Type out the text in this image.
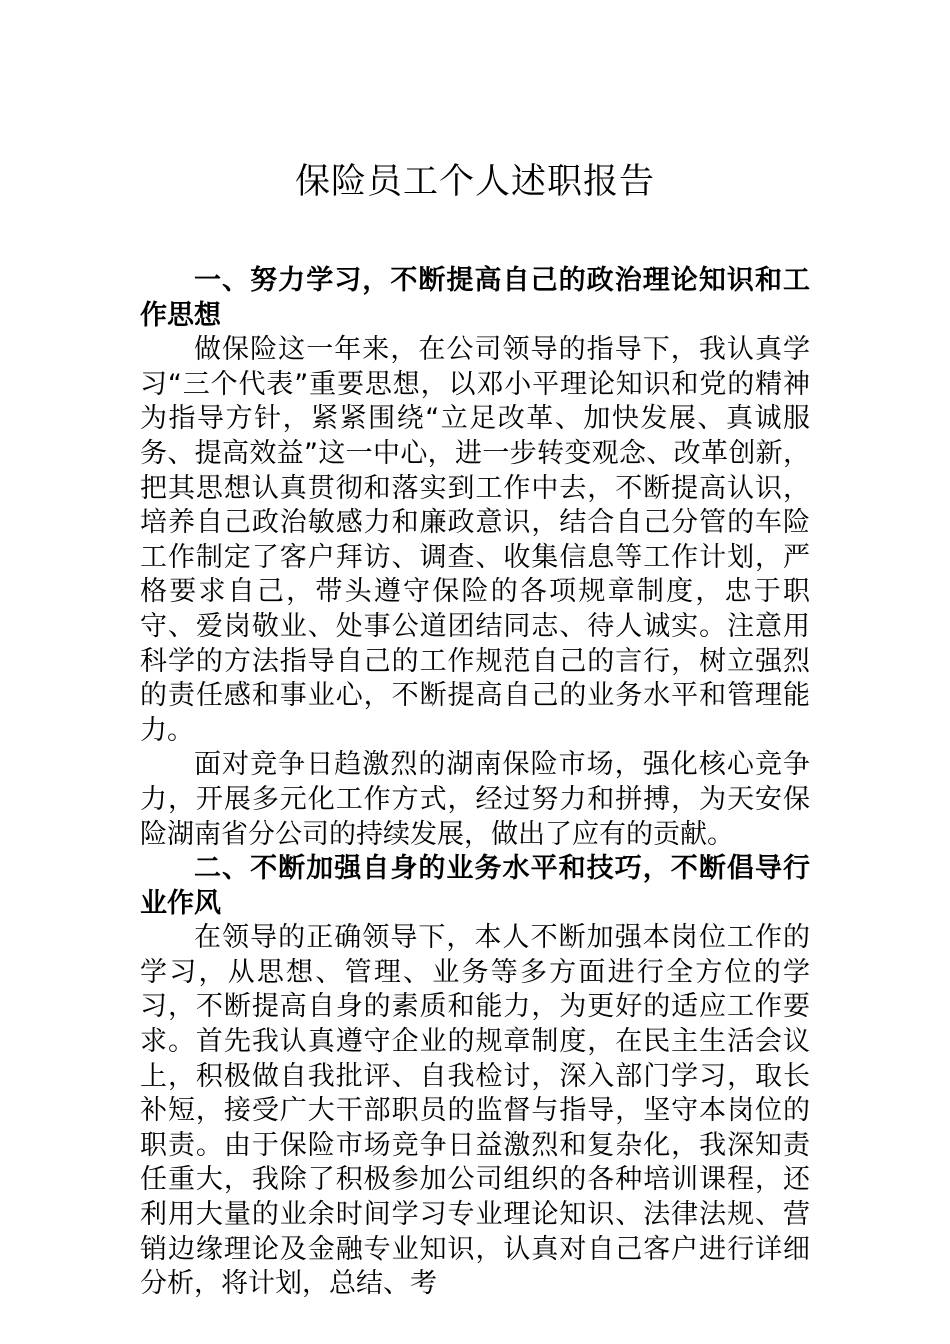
保险员工个人述职报告

一、努力学习，不断提高自己的政治理论知识和工作思想

做保险这一年来，在公司领导的指导下，我认真学习“三个代表”重要思想，以邓小平理论知识和党的精神为指导方针，紧紧围绕“立足改革、加快发展、真诚服务、提高效益”这一中心，进一步转变观念、改革创新，把其思想认真贯彻和落实到工作中去，不断提高认识，培养自己政治敏感力和廉政意识，结合自己分管的车险工作制定了客户拜访、调查、收集信息等工作计划，严格要求自己，带头遵守保险的各项规章制度，忠于职守、爱岗敬业、处事公道团结同志、待人诚实。注意用科学的方法指导自己的工作规范自己的言行，树立强烈的责任感和事业心，不断提高自己的业务水平和管理能力。

面对竞争日趋激烈的湖南保险市场，强化核心竞争力，开展多元化工作方式，经过努力和拼搏，为天安保险湖南省分公司的持续发展，做出了应有的贡献。

二、不断加强自身的业务水平和技巧，不断倡导行业作风

在领导的正确领导下，本人不断加强本岗位工作的学习，从思想、管理、业务等多方面进行全方位的学习，不断提高自身的素质和能力，为更好的适应工作要求。首先我认真遵守企业的规章制度，在民主生活会议上，积极做自我批评、自我检讨，深入部门学习，取长补短，接受广大干部职员的监督与指导，坚守本岗位的职责。由于保险市场竞争日益激烈和复杂化，我深知责任重大，我除了积极参加公司组织的各种培训课程，还利用大量的业余时间学习专业理论知识、法律法规、营销边缘理论及金融专业知识，认真对自己客户进行详细分析，将计划，总结、考
